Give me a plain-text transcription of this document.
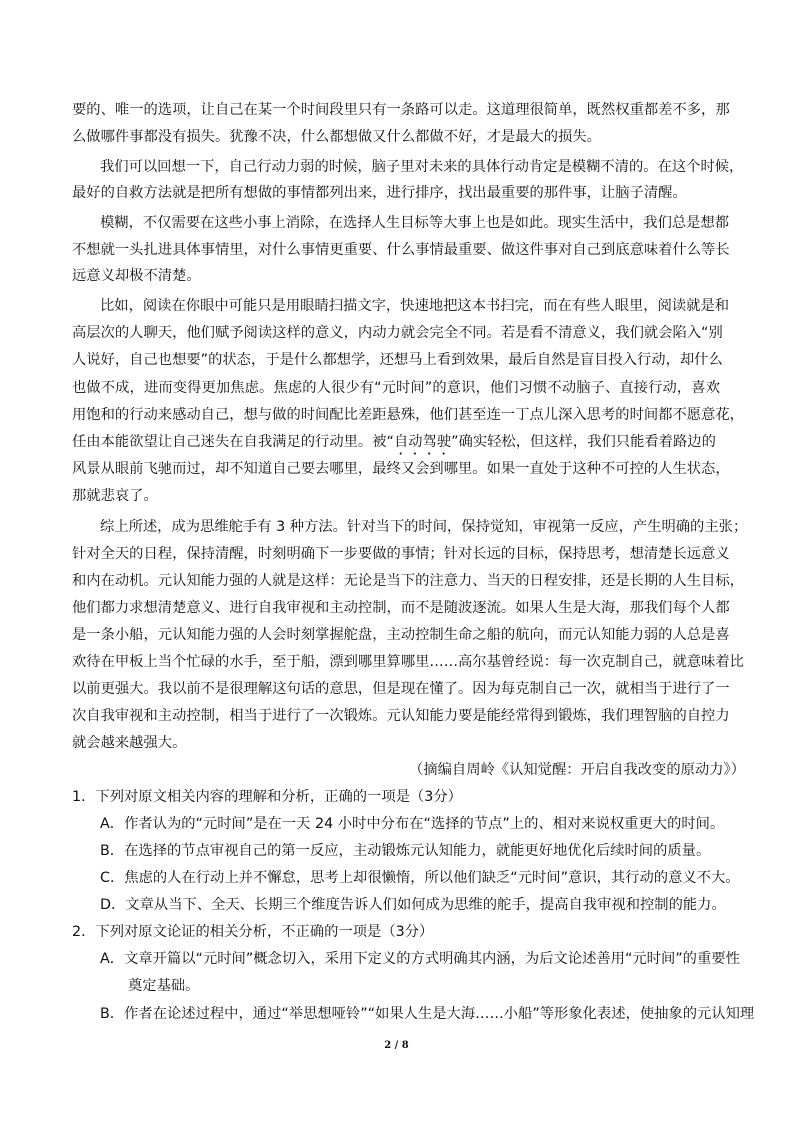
要的、唯一的选项，让自己在某一个时间段里只有一条路可以走。这道理很简单，既然权重都差不多，那
么做哪件事都没有损失。犹豫不决，什么都想做又什么都做不好，才是最大的损失。
我们可以回想一下，自己行动力弱的时候，脑子里对未来的具体行动肯定是模糊不清的。在这个时候，
最好的自救方法就是把所有想做的事情都列出来，进行排序，找出最重要的那件事，让脑子清醒。
模糊，不仅需要在这些小事上消除，在选择人生目标等大事上也是如此。现实生活中，我们总是想都
不想就一头扎进具体事情里，对什么事情更重要、什么事情最重要、做这件事对自己到底意味着什么等长
远意义却极不清楚。
比如，阅读在你眼中可能只是用眼睛扫描文字，快速地把这本书扫完，而在有些人眼里，阅读就是和
高层次的人聊天，他们赋予阅读这样的意义，内动力就会完全不同。若是看不清意义，我们就会陷入“别
人说好，自己也想要”的状态，于是什么都想学，还想马上看到效果，最后自然是盲目投入行动，却什么
也做不成，进而变得更加焦虑。焦虑的人很少有“元时间”的意识，他们习惯不动脑子、直接行动，喜欢
用饱和的行动来感动自己，想与做的时间配比差距悬殊，他们甚至连一丁点儿深入思考的时间都不愿意花，
任由本能欲望让自己迷失在自我满足的行动里。被“自动驾驶”确实轻松，但这样，我们只能看着路边的
风景从眼前飞驰而过，却不知道自己要去哪里，最终又会到哪里。如果一直处于这种不可控的人生状态，
那就悲哀了。
综上所述，成为思维舵手有 3 种方法。针对当下的时间，保持觉知，审视第一反应，产生明确的主张；
针对全天的日程，保持清醒，时刻明确下一步要做的事情；针对长远的目标，保持思考，想清楚长远意义
和内在动机。元认知能力强的人就是这样：无论是当下的注意力、当天的日程安排，还是长期的人生目标，
他们都力求想清楚意义、进行自我审视和主动控制，而不是随波逐流。如果人生是大海，那我们每个人都
是一条小船，元认知能力强的人会时刻掌握舵盘，主动控制生命之船的航向，而元认知能力弱的人总是喜
欢待在甲板上当个忙碌的水手，至于船，漂到哪里算哪里……高尔基曾经说：每一次克制自己，就意味着比
以前更强大。我以前不是很理解这句话的意思，但是现在懂了。因为每克制自己一次，就相当于进行了一
次自我审视和主动控制，相当于进行了一次锻炼。元认知能力要是能经常得到锻炼，我们理智脑的自控力
就会越来越强大。
（摘编自周岭《认知觉醒：开启自我改变的原动力》）
1．下列对原文相关内容的理解和分析，正确的一项是（3分）
A．作者认为的“元时间”是在一天 24 小时中分布在“选择的节点”上的、相对来说权重更大的时间。
B．在选择的节点审视自己的第一反应，主动锻炼元认知能力，就能更好地优化后续时间的质量。
C．焦虑的人在行动上并不懈怠，思考上却很懒惰，所以他们缺乏“元时间”意识，其行动的意义不大。
D．文章从当下、全天、长期三个维度告诉人们如何成为思维的舵手，提高自我审视和控制的能力。
2．下列对原文论证的相关分析，不正确的一项是（3分）
A．文章开篇以“元时间”概念切入，采用下定义的方式明确其内涵，为后文论述善用“元时间”的重要性
奠定基础。
B．作者在论述过程中，通过“举思想哑铃”“如果人生是大海……小船”等形象化表述，使抽象的元认知理
2 / 8
